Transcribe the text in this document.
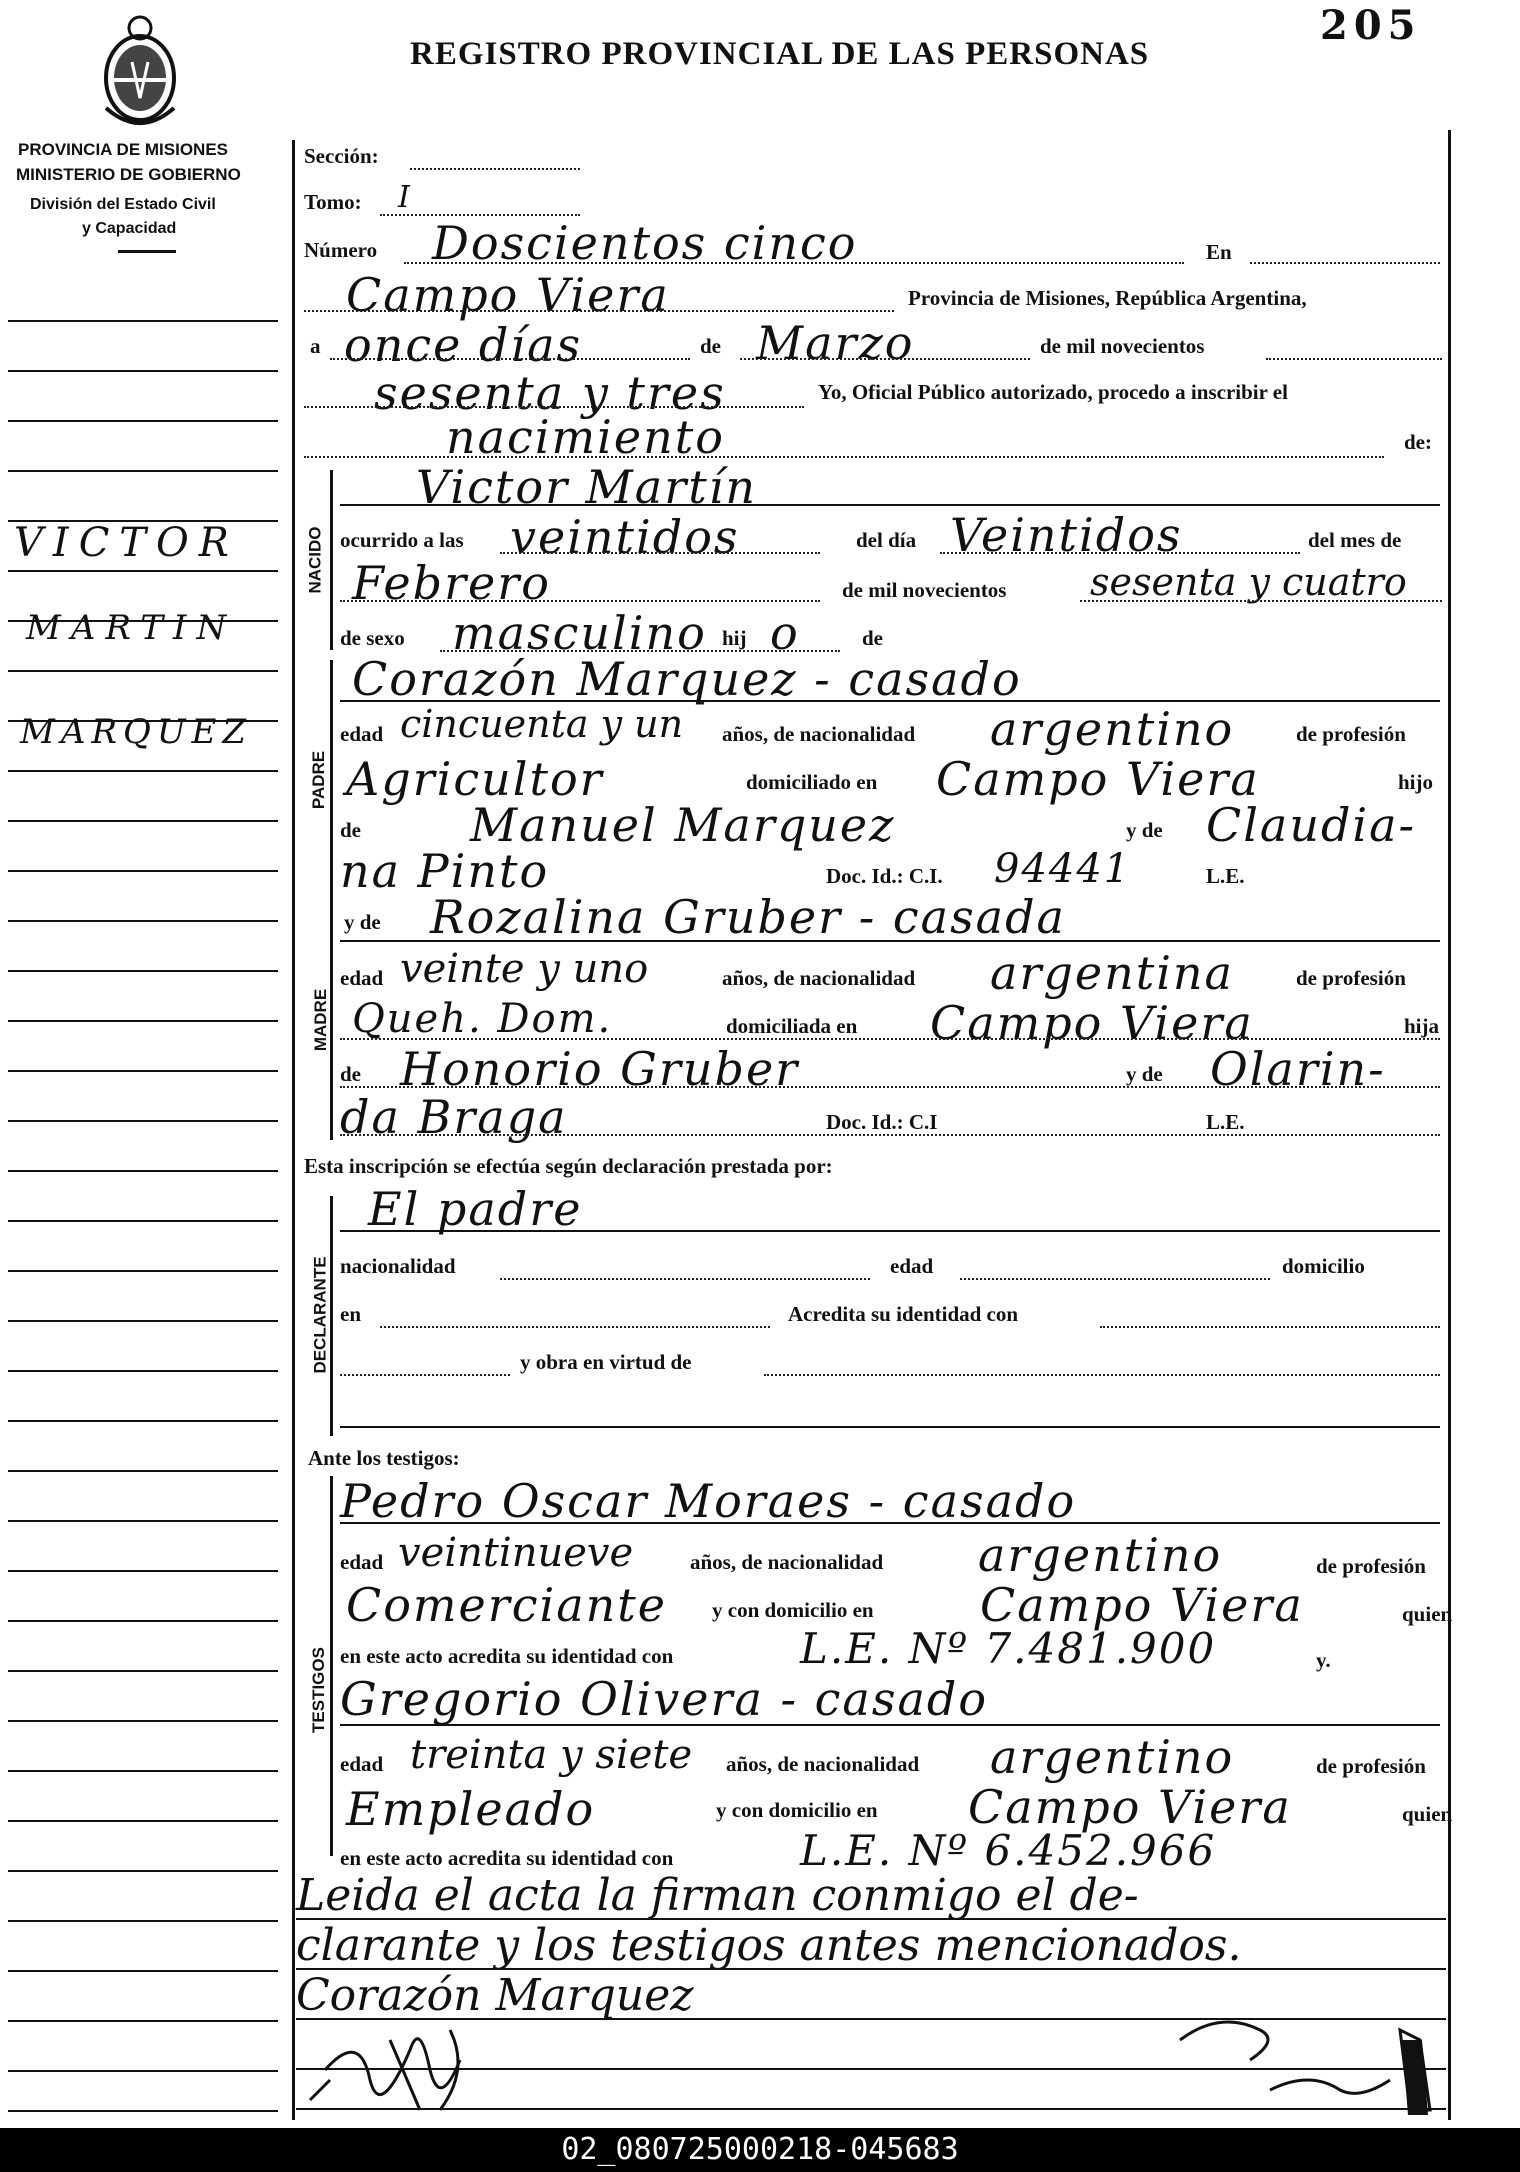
REGISTRO PROVINCIAL DE LAS PERSONAS
205
PROVINCIA DE MISIONES
MINISTERIO DE GOBIERNO
División del Estado Civil
y Capacidad
VICTOR
MARTIN
MARQUEZ
Sección:
Tomo: I
Número Doscientos cinco	En
Campo Viera	Provincia de Misiones, República Argentina,
a once días	de Marzo	de mil novecientos
sesenta y tres	Yo, Oficial Público autorizado, procedo a inscribir el
nacimiento	de:
NACIDO
Victor Martín
ocurrido a las veintidos	del día Veintidos	del mes de
Febrero	de mil novecientos sesenta y cuatro
de sexo masculino hij o	de
PADRE
Corazón Marquez - casado
edad cincuenta y un años, de nacionalidad argentino	de profesión
Agricultor	domiciliado en Campo Viera	hijo
de Manuel Marquez	y de Claudia-
na Pinto	Doc. Id.: C.I. 94441	L.E.
MADRE
y de Rozalina Gruber - casada
edad veinte y uno	años, de nacionalidad argentina	de profesión
Queh. Dom.	domiciliada en Campo Viera	hija
de Honorio Gruber	y de Olarin-
da Braga	Doc. Id.: C.I	L.E.
Esta inscripción se efectúa según declaración prestada por:
El padre
DECLARANTE nacionalidad	edad	domicilio
en	Acredita su identidad con
y obra en virtud de
Ante los testigos:
TESTIGOS
Pedro Oscar Moraes - casado
edad veintinueve	años, de nacionalidad argentino	de profesión
Comerciante y con domicilio en Campo Viera	quien
en este acto acredita su identidad con	L.E. Nº 7.481.900	y.
Gregorio Olivera - casado
edad treinta y siete años, de nacionalidad argentino	de profesión
Empleado	y con domicilio en Campo Viera	quien
en este acto acredita su identidad con	L.E. Nº 6.452.966
Leida el acta la firman conmigo el de-
clarante y los testigos antes mencionados.
Corazón Marquez
02_080725000218-045683
